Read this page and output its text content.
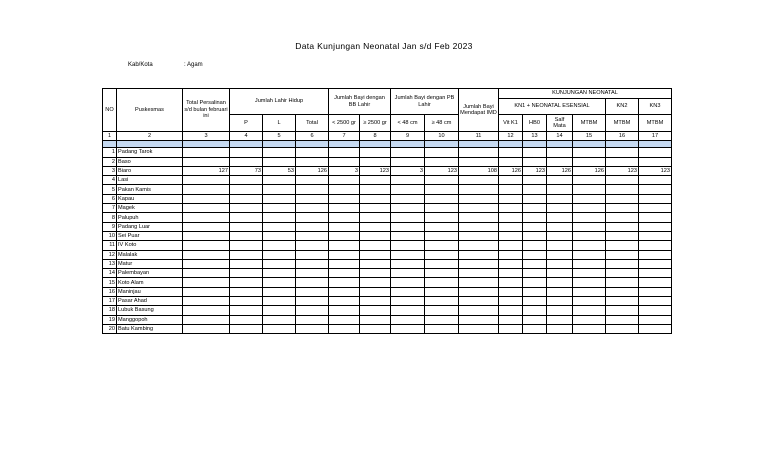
Data Kunjungan Neonatal Jan s/d Feb 2023
Kab/Kota	: Agam
NO	Puskesmas	Total Persalinan s/d bulan februari ini	Jumlah Lahir Hidup			Jumlah Bayi dengan BB Lahir		Jumlah Bayi dengan PB Lahir		Jumlah Bayi Mendapat IMD	KUNJUNGAN NEONATAL					
											KN1 + NEONATAL ESENSIAL				KN2	KN3
			P	L	Total	< 2500 gr	≥ 2500 gr	< 48 cm	≥ 48 cm		Vit K1	HB0	Salf Mata	MTBM	MTBM	MTBM
1	2	3	4	5	6	7	8	9	10	11	12	13	14	15	16	17

1	Padang Tarok															
2	Baso															
3	Biaro	127	73	53	126	3	123	3	123	108	126	123	126	126	123	123
4	Lasi															
5	Pakan Kamis															
6	Kapau															
7	Magek															
8	Palupuh															
9	Padang Luar															
10	Sei Puar															
11	IV Koto															
12	Malalak															
13	Matur															
14	Palembayan															
15	Koto Alam															
16	Maninjau															
17	Pasar Ahad															
18	Lubuk Basung															
19	Manggopoh															
20	Batu Kambing															
